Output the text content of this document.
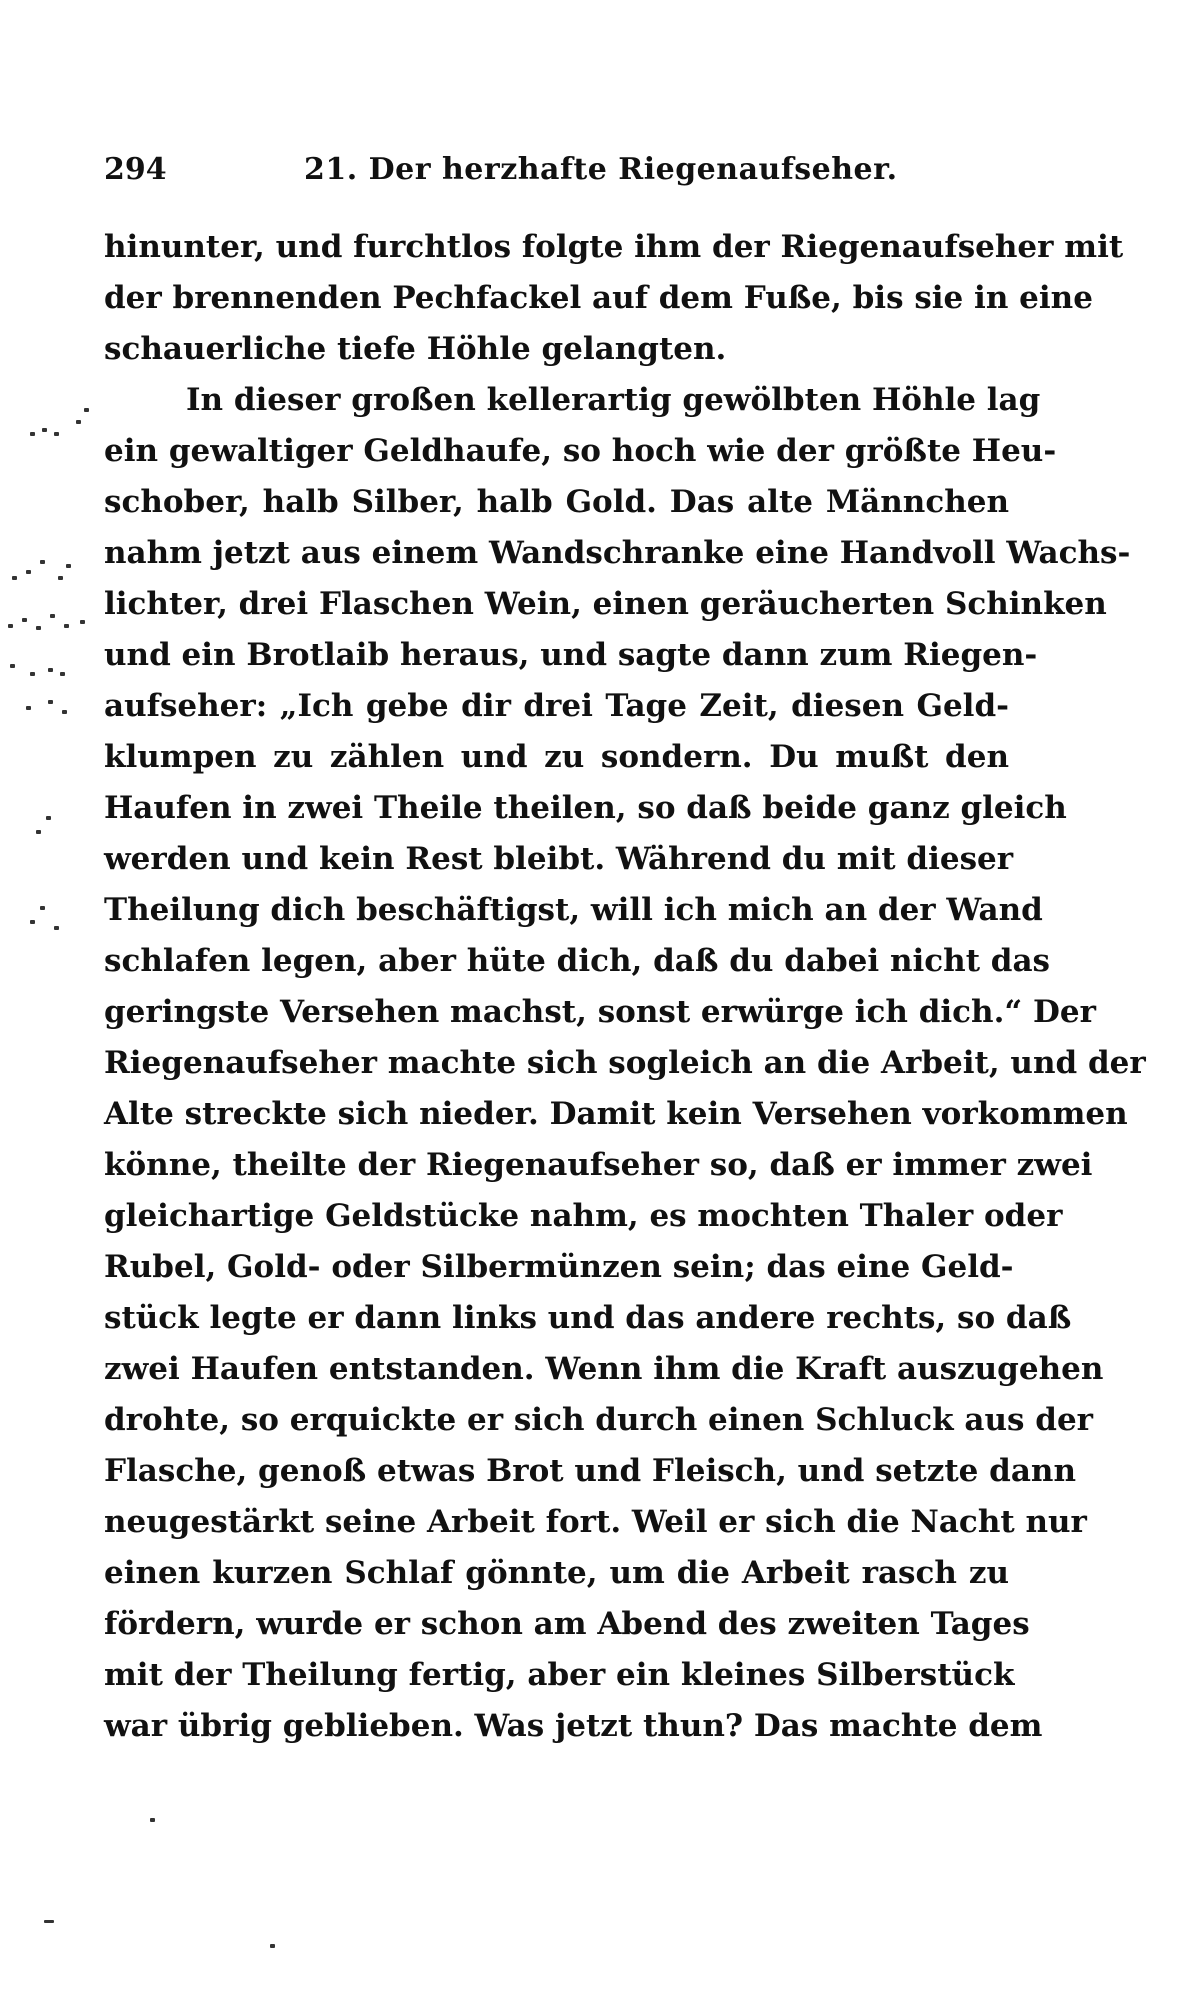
294	21. Der herzhafte Riegenaufseher.
hinunter, und furchtlos folgte ihm der Riegenaufseher mit
der brennenden Pechfackel auf dem Fuße, bis sie in eine
schauerliche tiefe Höhle gelangten.
In dieser großen kellerartig gewölbten Höhle lag
ein gewaltiger Geldhaufe, so hoch wie der größte Heu-
schober, halb Silber, halb Gold. Das alte Männchen
nahm jetzt aus einem Wandschranke eine Handvoll Wachs-
lichter, drei Flaschen Wein, einen geräucherten Schinken
und ein Brotlaib heraus, und sagte dann zum Riegen-
aufseher: „Ich gebe dir drei Tage Zeit, diesen Geld-
klumpen zu zählen und zu sondern. Du mußt den
Haufen in zwei Theile theilen, so daß beide ganz gleich
werden und kein Rest bleibt. Während du mit dieser
Theilung dich beschäftigst, will ich mich an der Wand
schlafen legen, aber hüte dich, daß du dabei nicht das
geringste Versehen machst, sonst erwürge ich dich.“ Der
Riegenaufseher machte sich sogleich an die Arbeit, und der
Alte streckte sich nieder. Damit kein Versehen vorkommen
könne, theilte der Riegenaufseher so, daß er immer zwei
gleichartige Geldstücke nahm, es mochten Thaler oder
Rubel, Gold- oder Silbermünzen sein; das eine Geld-
stück legte er dann links und das andere rechts, so daß
zwei Haufen entstanden. Wenn ihm die Kraft auszugehen
drohte, so erquickte er sich durch einen Schluck aus der
Flasche, genoß etwas Brot und Fleisch, und setzte dann
neugestärkt seine Arbeit fort. Weil er sich die Nacht nur
einen kurzen Schlaf gönnte, um die Arbeit rasch zu
fördern, wurde er schon am Abend des zweiten Tages
mit der Theilung fertig, aber ein kleines Silberstück
war übrig geblieben. Was jetzt thun? Das machte dem
